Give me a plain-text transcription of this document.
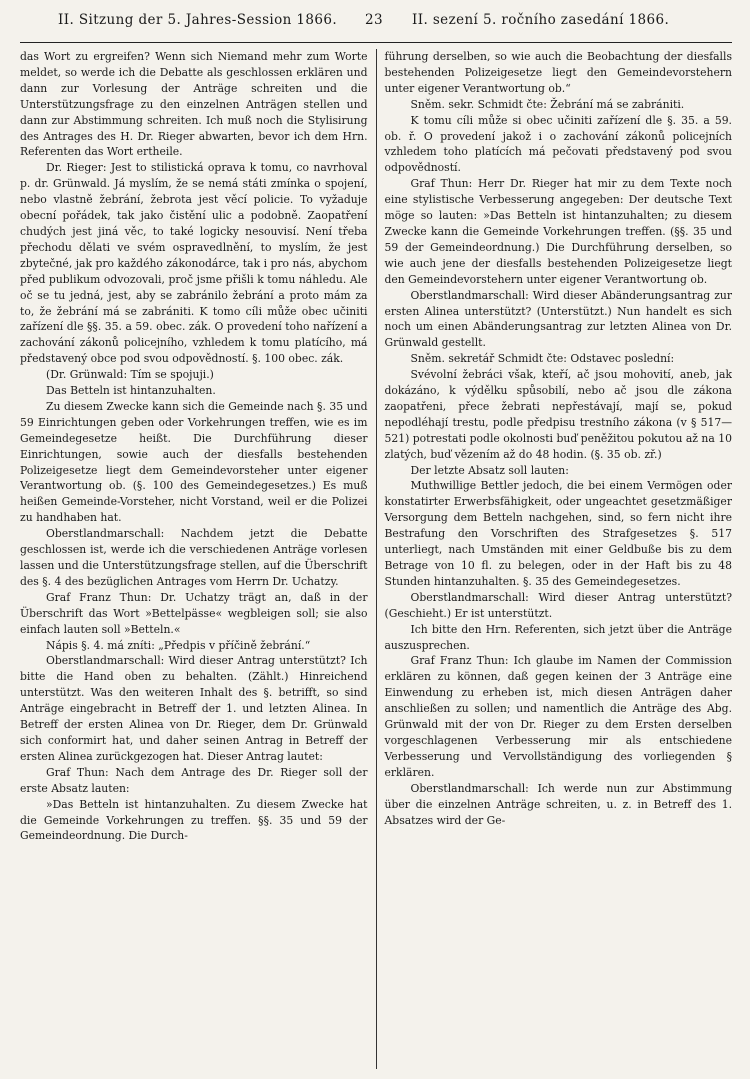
II. Sitzung der 5. Jahres-Session 1866.	23	II. sezení 5. ročního zasedání 1866.

das Wort zu ergreifen? Wenn sich Niemand mehr zum Worte meldet, so werde ich die Debatte als geschlossen erklären und dann zur Vorlesung der Anträge schreiten und die Unterstützungsfrage zu den einzelnen Anträgen stellen und dann zur Abstimmung schreiten. Ich muß noch die Stylisirung des Antrages des H. Dr. Rieger abwarten, bevor ich dem Hrn. Referenten das Wort ertheile.

Dr. Rieger: Jest to stilistická oprava k tomu, co navrhoval p. dr. Grünwald. Já myslím, že se nemá státi zmínka o spojení, nebo vlastně žebrání, žebrota jest věcí policie. To vyžaduje obecní pořádek, tak jako čistění ulic a podobně. Zaopatření chudých jest jiná věc, to také logicky nesouvisí. Není třeba přechodu dělati ve svém ospravedlnění, to myslím, že jest zbytečné, jak pro každého zákonodárce, tak i pro nás, abychom před publikum odvozovali, proč jsme přišli k tomu náhledu. Ale oč se tu jedná, jest, aby se zabránilo žebrání a proto mám za to, že žebrání má se zabrániti. K tomo cíli může obec učiniti zařízení dle §§. 35. a 59. obec. zák. O provedení toho nařízení a zachování zákonů policejního, vzhledem k tomu platícího, má představený obce pod svou odpovědností. §. 100 obec. zák.

(Dr. Grünwald: Tím se spojuji.)

Das Betteln ist hintanzuhalten.

Zu diesem Zwecke kann sich die Gemeinde nach §. 35 und 59 Einrichtungen geben oder Vorkehrungen treffen, wie es im Gemeindegesetze heißt. Die Durchführung dieser Einrichtungen, sowie auch der diesfalls bestehenden Polizeigesetze liegt dem Gemeindevorsteher unter eigener Verantwortung ob. (§. 100 des Gemeindegesetzes.) Es muß heißen Gemeinde-Vorsteher, nicht Vorstand, weil er die Polizei zu handhaben hat.

Oberstlandmarschall: Nachdem jetzt die Debatte geschlossen ist, werde ich die verschiedenen Anträge vorlesen lassen und die Unterstützungsfrage stellen, auf die Überschrift des §. 4 des bezüglichen Antrages vom Herrn Dr. Uchatzy.

Graf Franz Thun: Dr. Uchatzy trägt an, daß in der Überschrift das Wort »Bettelpässe« wegbleigen soll; sie also einfach lauten soll »Betteln.«

Nápis §. 4. má zníti: „Předpis v příčině žebrání.“

Oberstlandmarschall: Wird dieser Antrag unterstützt? Ich bitte die Hand oben zu behalten. (Zählt.) Hinreichend unterstützt. Was den weiteren Inhalt des §. betrifft, so sind Anträge eingebracht in Betreff der 1. und letzten Alinea. In Betreff der ersten Alinea von Dr. Rieger, dem Dr. Grünwald sich conformirt hat, und daher seinen Antrag in Betreff der ersten Alinea zurückgezogen hat. Dieser Antrag lautet:

Graf Thun: Nach dem Antrage des Dr. Rieger soll der erste Absatz lauten:

»Das Betteln ist hintanzuhalten. Zu diesem Zwecke hat die Gemeinde Vorkehrungen zu treffen. §§. 35 und 59 der Gemeindeordnung. Die Durch-

führung derselben, so wie auch die Beobachtung der diesfalls bestehenden Polizeigesetze liegt den Gemeindevorstehern unter eigener Verantwortung ob.“

Sněm. sekr. Schmidt čte: Žebrání má se zabrániti.

K tomu cíli může si obec učiniti zařízení dle §. 35. a 59. ob. ř. O provedení jakož i o zachování zákonů policejních vzhledem toho platících má pečovati představený pod svou odpovědností.

Graf Thun: Herr Dr. Rieger hat mir zu dem Texte noch eine stylistische Verbesserung angegeben: Der deutsche Text möge so lauten: »Das Betteln ist hintanzuhalten; zu diesem Zwecke kann die Gemeinde Vorkehrungen treffen. (§§. 35 und 59 der Gemeindeordnung.) Die Durchführung derselben, so wie auch jene der diesfalls bestehenden Polizeigesetze liegt den Gemeindevorstehern unter eigener Verantwortung ob.

Oberstlandmarschall: Wird dieser Abänderungsantrag zur ersten Alinea unterstützt? (Unterstützt.) Nun handelt es sich noch um einen Abänderungsantrag zur letzten Alinea von Dr. Grünwald gestellt.

Sněm. sekretář Schmidt čte: Odstavec poslední:

Svévolní žebráci však, kteří, ač jsou mohovití, aneb, jak dokázáno, k výdělku spůsobilí, nebo ač jsou dle zákona zaopatřeni, přece žebrati nepřestávají, mají se, pokud nepodléhají trestu, podle předpisu trestního zákona (v § 517—521) potrestati podle okolnosti buď peněžitou pokutou až na 10 zlatých, buď vězením až do 48 hodin. (§. 35 ob. zř.)

Der letzte Absatz soll lauten:

Muthwillige Bettler jedoch, die bei einem Vermögen oder konstatirter Erwerbsfähigkeit, oder ungeachtet gesetzmäßiger Versorgung dem Betteln nachgehen, sind, so fern nicht ihre Bestrafung den Vorschriften des Strafgesetzes §. 517 unterliegt, nach Umständen mit einer Geldbuße bis zu dem Betrage von 10 fl. zu belegen, oder in der Haft bis zu 48 Stunden hintanzuhalten. §. 35 des Gemeindegesetzes.

Oberstlandmarschall: Wird dieser Antrag unterstützt? (Geschieht.) Er ist unterstützt.

Ich bitte den Hrn. Referenten, sich jetzt über die Anträge auszusprechen.

Graf Franz Thun: Ich glaube im Namen der Commission erklären zu können, daß gegen keinen der 3 Anträge eine Einwendung zu erheben ist, mich diesen Anträgen daher anschließen zu sollen; und namentlich die Anträge des Abg. Grünwald mit der von Dr. Rieger zu dem Ersten derselben vorgeschlagenen Verbesserung mir als entschiedene Verbesserung und Vervollständigung des vorliegenden § erklären.

Oberstlandmarschall: Ich werde nun zur Abstimmung über die einzelnen Anträge schreiten, u. z. in Betreff des 1. Absatzes wird der Ge-
